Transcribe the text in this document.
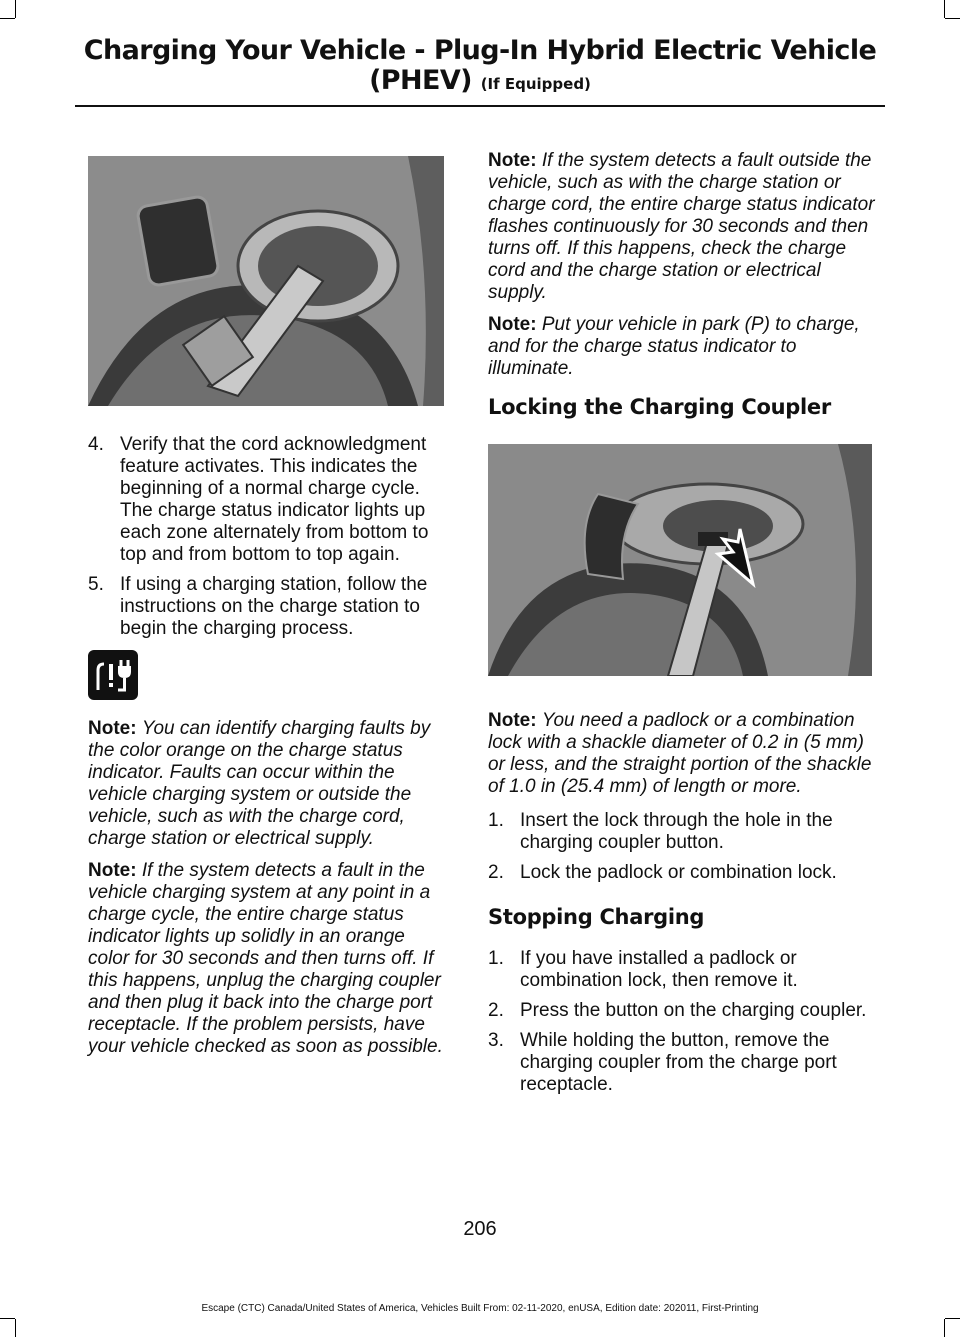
Charging Your Vehicle - Plug-In Hybrid Electric Vehicle
(PHEV) (If Equipped)
4. Verify that the cord acknowledgment feature activates. This indicates the beginning of a normal charge cycle. The charge status indicator lights up each zone alternately from bottom to top and from bottom to top again.
5. If using a charging station, follow the instructions on the charge station to begin the charging process.

Note: You can identify charging faults by the color orange on the charge status indicator. Faults can occur within the vehicle charging system or outside the vehicle, such as with the charge cord, charge station or electrical supply.

Note: If the system detects a fault in the vehicle charging system at any point in a charge cycle, the entire charge status indicator lights up solidly in an orange color for 30 seconds and then turns off. If this happens, unplug the charging coupler and then plug it back into the charge port receptacle. If the problem persists, have your vehicle checked as soon as possible.

Note: If the system detects a fault outside the vehicle, such as with the charge station or charge cord, the entire charge status indicator flashes continuously for 30 seconds and then turns off. If this happens, check the charge cord and the charge station or electrical supply.

Note: Put your vehicle in park (P) to charge, and for the charge status indicator to illuminate.

Locking the Charging Coupler

Note: You need a padlock or a combination lock with a shackle diameter of 0.2 in (5 mm) or less, and the straight portion of the shackle of 1.0 in (25.4 mm) of length or more.

1. Insert the lock through the hole in the charging coupler button.
2. Lock the padlock or combination lock.
Stopping Charging
1. If you have installed a padlock or combination lock, then remove it.
2. Press the button on the charging coupler.
3. While holding the button, remove the charging coupler from the charge port receptacle.
206
Escape (CTC) Canada/United States of America, Vehicles Built From: 02-11-2020, enUSA, Edition date: 202011, First-Printing
